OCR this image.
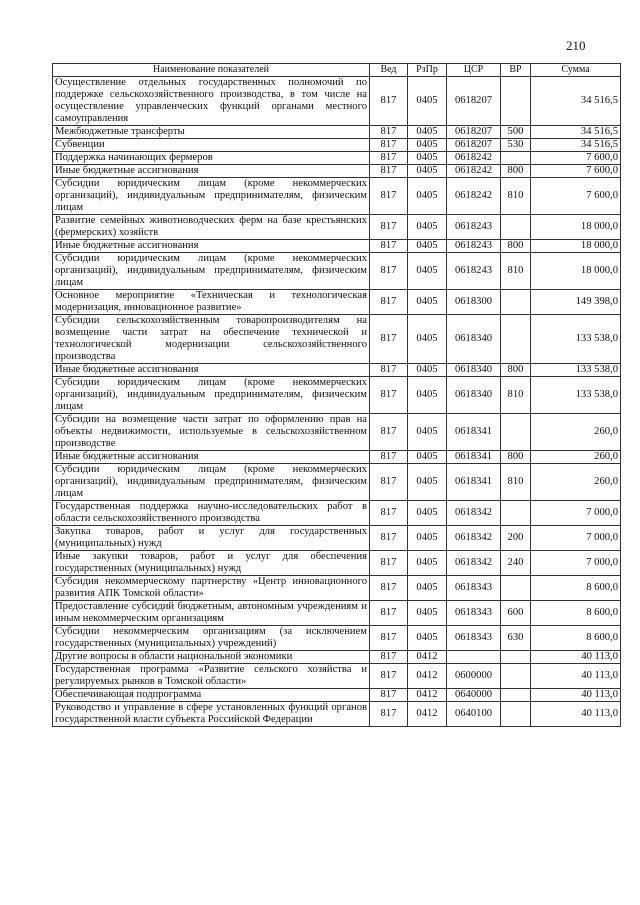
210
Наименование показателей	Вед	РзПр	ЦСР	ВР	Сумма
Осуществление отдельных государственных полномочий по поддержке сельскохозяйственного производства, в том числе на осуществление управленческих функций органами местного самоуправления	817	0405	0618207		34 516,5
Межбюджетные трансферты	817	0405	0618207	500	34 516,5
Субвенции	817	0405	0618207	530	34 516,5
Поддержка начинающих фермеров	817	0405	0618242		7 600,0
Иные бюджетные ассигнования	817	0405	0618242	800	7 600,0
Субсидии юридическим лицам (кроме некоммерческих организаций), индивидуальным предпринимателям, физическим лицам	817	0405	0618242	810	7 600,0
Развитие семейных животноводческих ферм на базе крестьянских (фермерских) хозяйств	817	0405	0618243		18 000,0
Иные бюджетные ассигнования	817	0405	0618243	800	18 000,0
Субсидии юридическим лицам (кроме некоммерческих организаций), индивидуальным предпринимателям, физическим лицам	817	0405	0618243	810	18 000,0
Основное мероприятие «Техническая и технологическая модернизация, инновационное развитие»	817	0405	0618300		149 398,0
Субсидии сельскохозяйственным товаропроизводителям на возмещение части затрат на обеспечение технической и технологической модернизации сельскохозяйственного производства	817	0405	0618340		133 538,0
Иные бюджетные ассигнования	817	0405	0618340	800	133 538,0
Субсидии юридическим лицам (кроме некоммерческих организаций), индивидуальным предпринимателям, физическим лицам	817	0405	0618340	810	133 538,0
Субсидии на возмещение части затрат по оформлению прав на объекты недвижимости, используемые в сельскохозяйственном производстве	817	0405	0618341		260,0
Иные бюджетные ассигнования	817	0405	0618341	800	260,0
Субсидии юридическим лицам (кроме некоммерческих организаций), индивидуальным предпринимателям, физическим лицам	817	0405	0618341	810	260,0
Государственная поддержка научно-исследовательских работ в области сельскохозяйственного производства	817	0405	0618342		7 000,0
Закупка товаров, работ и услуг для государственных (муниципальных) нужд	817	0405	0618342	200	7 000,0
Иные закупки товаров, работ и услуг для обеспечения государственных (муниципальных) нужд	817	0405	0618342	240	7 000,0
Субсидия некоммерческому партнерству «Центр инновационного развития АПК Томской области»	817	0405	0618343		8 600,0
Предоставление субсидий бюджетным, автономным учреждениям и иным некоммерческим организациям	817	0405	0618343	600	8 600,0
Субсидии некоммерческим организациям (за исключением государственных (муниципальных) учреждений)	817	0405	0618343	630	8 600,0
Другие вопросы в области национальной экономики	817	0412			40 113,0
Государственная программа «Развитие сельского хозяйства и регулируемых рынков в Томской области»	817	0412	0600000		40 113,0
Обеспечивающая подпрограмма	817	0412	0640000		40 113,0
Руководство и управление в сфере установленных функций органов государственной власти субъекта Российской Федерации	817	0412	0640100		40 113,0
